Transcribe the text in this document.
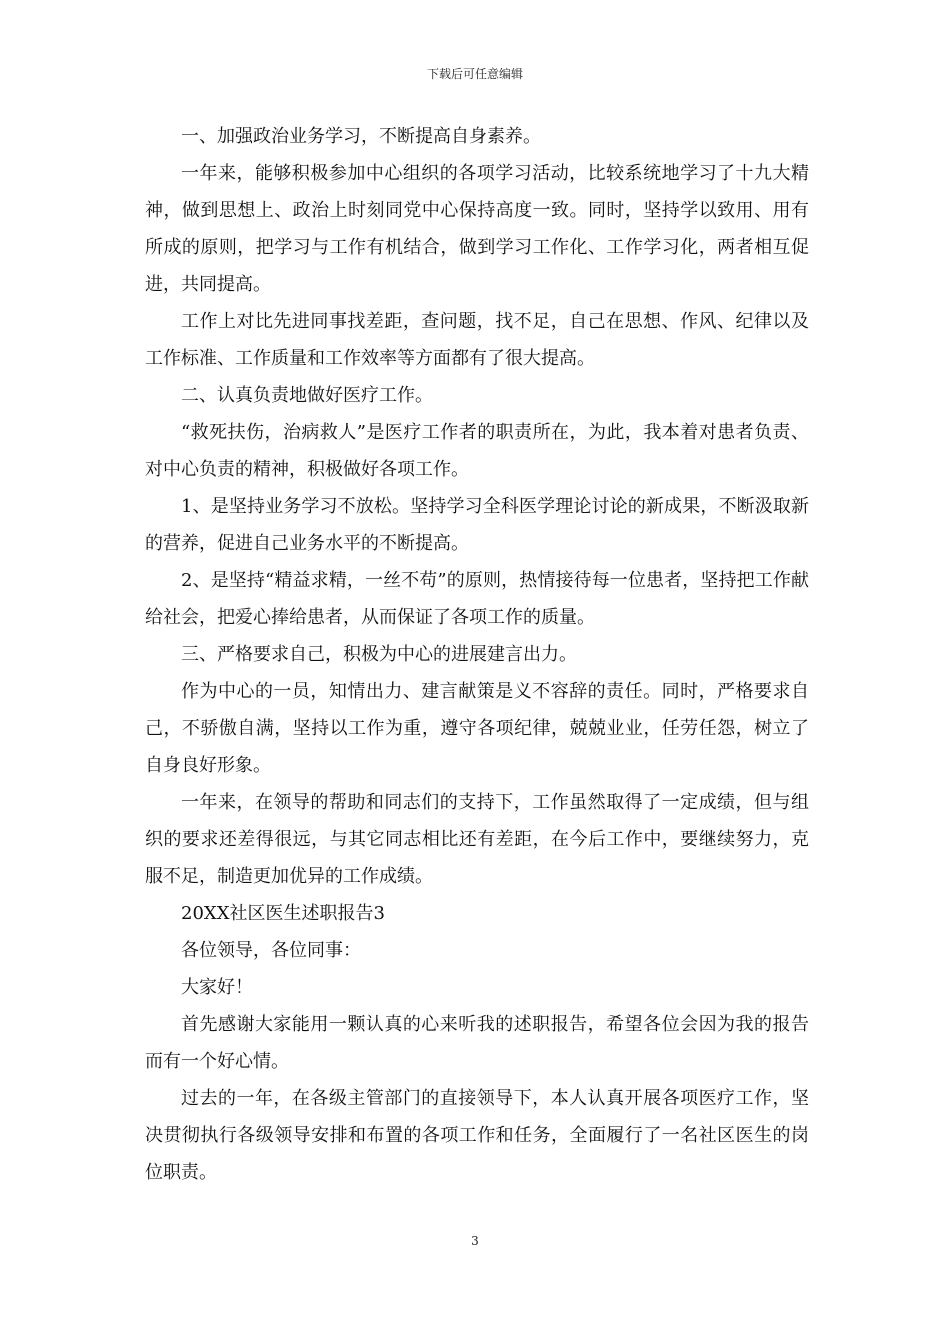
下载后可任意编辑

一、加强政治业务学习，不断提高自身素养。

一年来，能够积极参加中心组织的各项学习活动，比较系统地学习了十九大精神，做到思想上、政治上时刻同党中心保持高度一致。同时，坚持学以致用、用有所成的原则，把学习与工作有机结合，做到学习工作化、工作学习化，两者相互促进，共同提高。

工作上对比先进同事找差距，查问题，找不足，自己在思想、作风、纪律以及工作标准、工作质量和工作效率等方面都有了很大提高。

二、认真负责地做好医疗工作。

“救死扶伤，治病救人”是医疗工作者的职责所在，为此，我本着对患者负责、对中心负责的精神，积极做好各项工作。

1、是坚持业务学习不放松。坚持学习全科医学理论讨论的新成果，不断汲取新的营养，促进自己业务水平的不断提高。

2、是坚持“精益求精，一丝不苟”的原则，热情接待每一位患者，坚持把工作献给社会，把爱心捧给患者，从而保证了各项工作的质量。

三、严格要求自己，积极为中心的进展建言出力。

作为中心的一员，知情出力、建言献策是义不容辞的责任。同时，严格要求自己，不骄傲自满，坚持以工作为重，遵守各项纪律，兢兢业业，任劳任怨，树立了自身良好形象。

一年来，在领导的帮助和同志们的支持下，工作虽然取得了一定成绩，但与组织的要求还差得很远，与其它同志相比还有差距，在今后工作中，要继续努力，克服不足，制造更加优异的工作成绩。

20XX社区医生述职报告3

各位领导，各位同事：

大家好！

首先感谢大家能用一颗认真的心来听我的述职报告，希望各位会因为我的报告而有一个好心情。

过去的一年，在各级主管部门的直接领导下，本人认真开展各项医疗工作，坚决贯彻执行各级领导安排和布置的各项工作和任务，全面履行了一名社区医生的岗位职责。

3
